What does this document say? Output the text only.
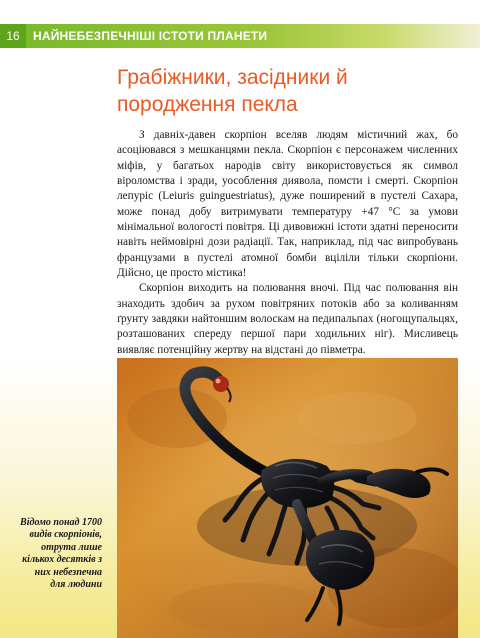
16	НАЙНЕБЕЗПЕЧНІШІ ІСТОТИ ПЛАНЕТИ
Грабіжники, засідники й породження пекла

З давніх-давен скорпіон вселяв людям містичний жах, бо асоціювався з мешканцями пекла. Скорпіон є персонажем численних міфів, у багатьох народів світу використовується як символ віроломства і зради, уособлення диявола, помсти і смерті. Скорпіон лепуріс (Leiuris guinguestriatus), дуже поширений в пустелі Сахара, може понад добу витримувати температуру +47 °С за умови мінімальної вологості повітря. Ці дивовижні істоти здатні переносити навіть неймовірні дози радіації. Так, наприклад, під час випробувань французами в пустелі атомної бомби вціліли тільки скорпіони. Дійсно, це просто містика!

Скорпіон виходить на полювання вночі. Під час полювання він знаходить здобич за рухом повітряних потоків або за коливанням ґрунту завдяки найтоншим волоскам на педипальпах (ногощупальцях, розташованих спереду першої пари ходильних ніг). Мисливець виявляє потенційну жертву на відстані до півметра.

Відомо понад 1700 видів скорпіонів, отрута лише кількох десятків з них небезпечна для людини
